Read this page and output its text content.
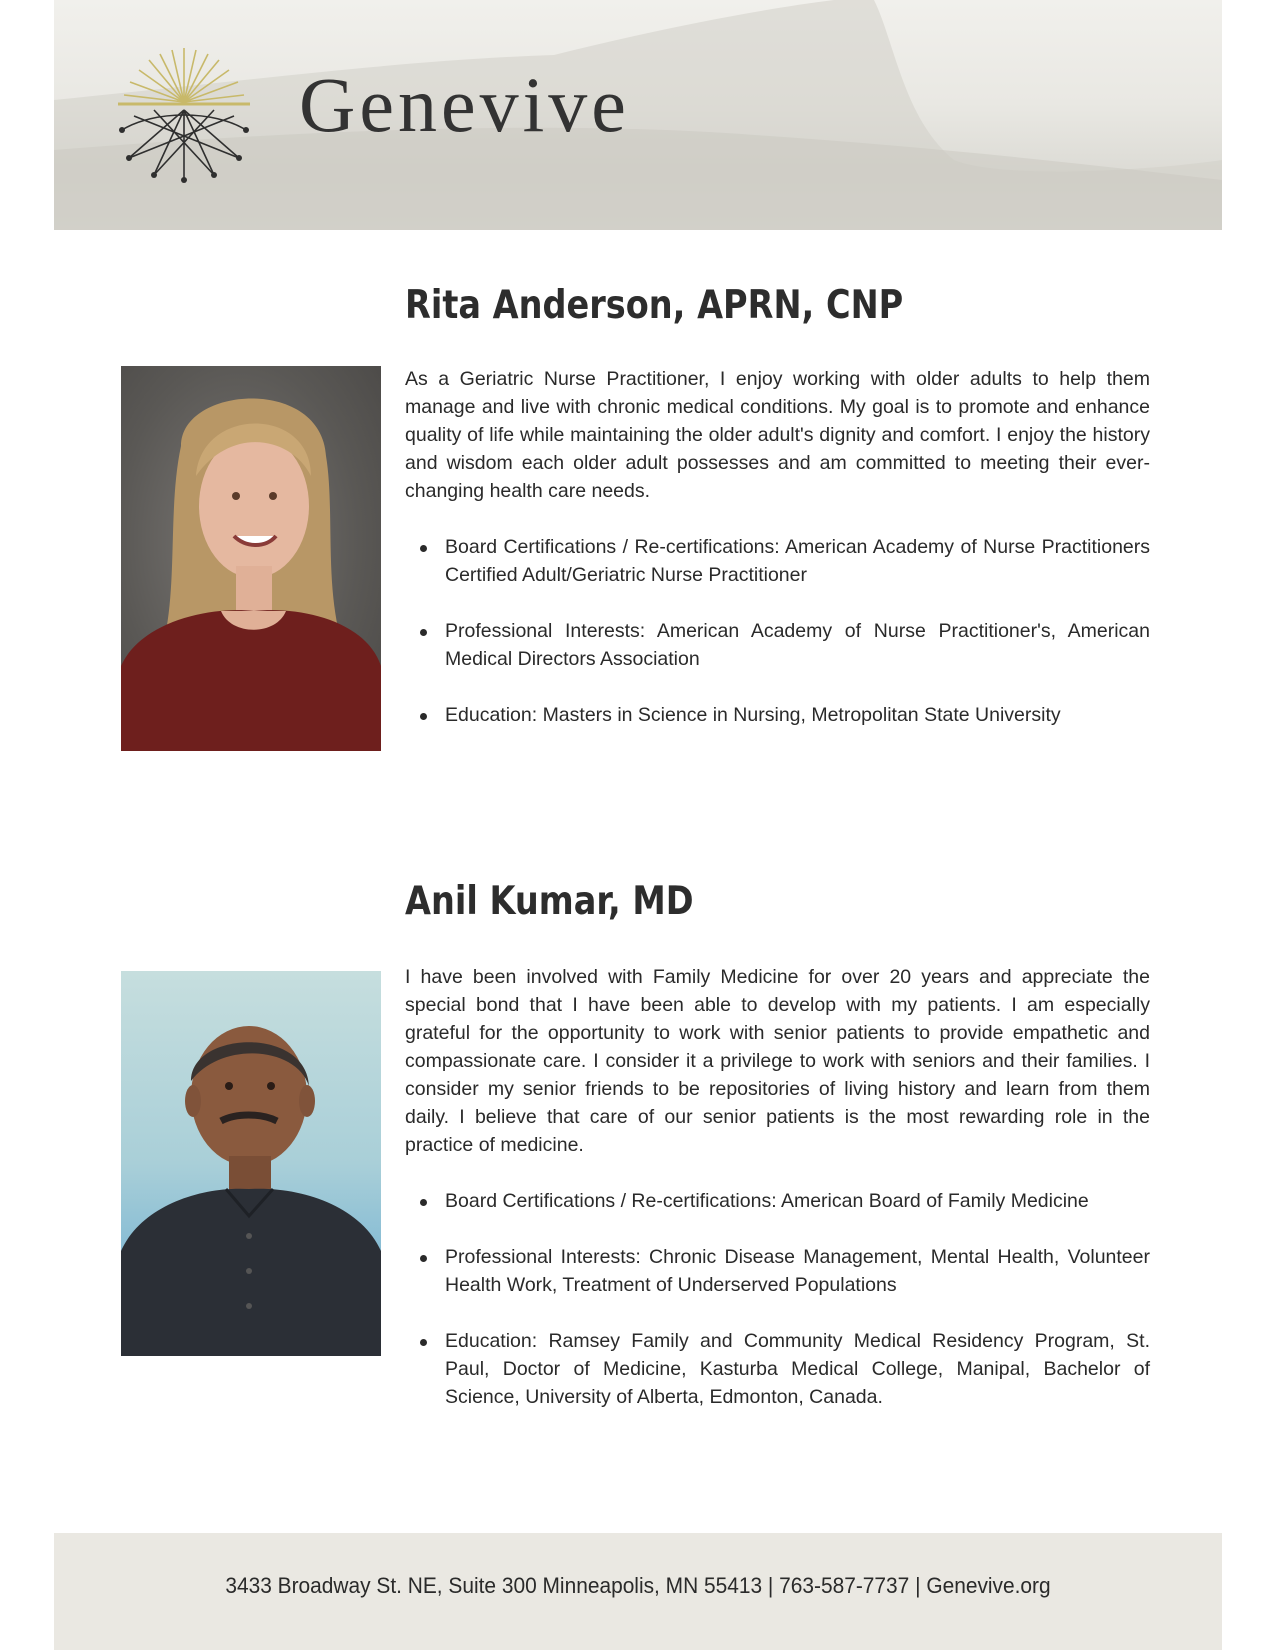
Genevive
Rita Anderson, APRN, CNP
As a Geriatric Nurse Practitioner, I enjoy working with older adults to help them manage and live with chronic medical conditions. My goal is to promote and enhance quality of life while maintaining the older adult's dignity and comfort. I enjoy the history and wisdom each older adult possesses and am committed to meeting their ever-changing health care needs.
Board Certifications / Re-certifications: American Academy of Nurse Practitioners Certified Adult/Geriatric Nurse Practitioner
Professional Interests: American Academy of Nurse Practitioner's, American Medical Directors Association
Education: Masters in Science in Nursing, Metropolitan State University
Anil Kumar, MD
I have been involved with Family Medicine for over 20 years and appreciate the special bond that I have been able to develop with my patients. I am especially grateful for the opportunity to work with senior patients to provide empathetic and compassionate care. I consider it a privilege to work with seniors and their families. I consider my senior friends to be repositories of living history and learn from them daily. I believe that care of our senior patients is the most rewarding role in the practice of medicine.
Board Certifications / Re-certifications: American Board of Family Medicine
Professional Interests: Chronic Disease Management, Mental Health, Volunteer Health Work, Treatment of Underserved Populations
Education: Ramsey Family and Community Medical Residency Program, St. Paul, Doctor of Medicine, Kasturba Medical College, Manipal, Bachelor of Science, University of Alberta, Edmonton, Canada.
3433 Broadway St. NE, Suite 300 Minneapolis, MN 55413 | 763-587-7737 | Genevive.org
